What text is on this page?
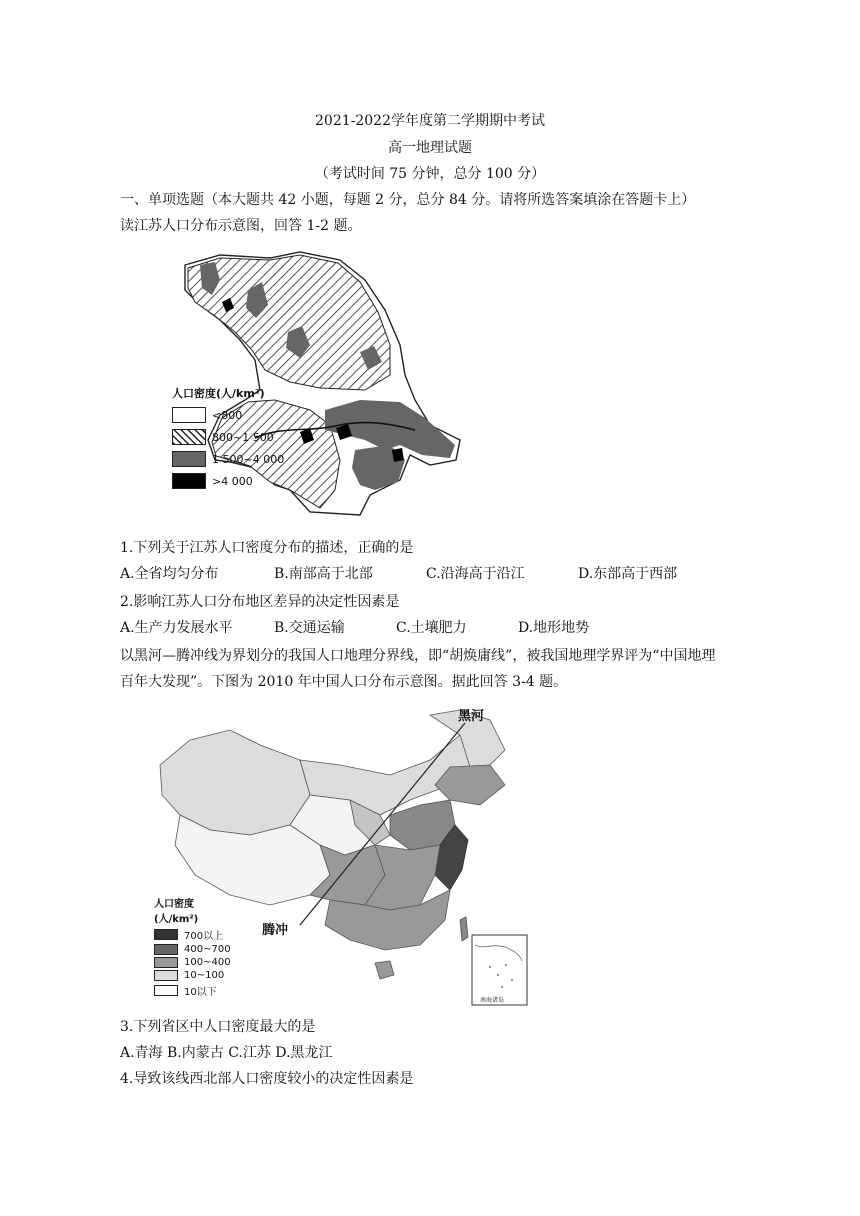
2021-2022学年度第二学期期中考试
高一地理试题
（考试时间 75 分钟，总分 100 分）
一、单项选题（本大题共 42 小题，每题 2 分，总分 84 分。请将所选答案填涂在答题卡上）
读江苏人口分布示意图，回答 1-2 题。
人口密度(人/km²)
<800
800~1 500
1 500~4 000
>4 000
1.下列关于江苏人口密度分布的描述，正确的是
A.全省均匀分布	B.南部高于北部	C.沿海高于沿江	D.东部高于西部
2.影响江苏人口分布地区差异的决定性因素是
A.生产力发展水平	B.交通运输	C.土壤肥力	D.地形地势
以黑河—腾冲线为界划分的我国人口地理分界线，即“胡焕庸线”，被我国地理学界评为“中国地理
百年大发现”。下图为 2010 年中国人口分布示意图。据此回答 3-4 题。
黑河
腾冲
南海诸岛
人口密度
(人/km²)
700以上
400~700
100~400
10~100
10以下
3.下列省区中人口密度最大的是
A.青海 B.内蒙古 C.江苏 D.黑龙江
4.导致该线西北部人口密度较小的决定性因素是
